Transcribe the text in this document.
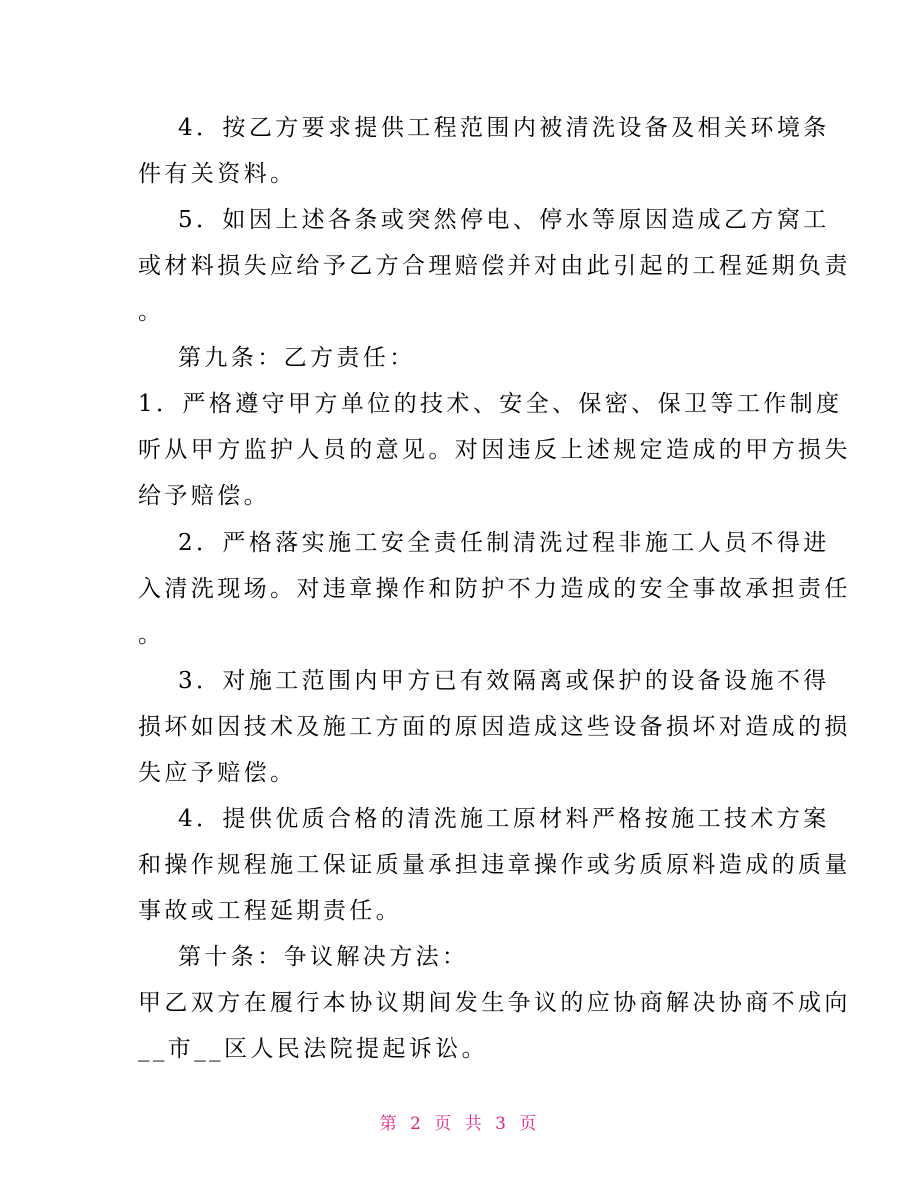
4．按乙方要求提供工程范围内被清洗设备及相关环境条
件有关资料。
5．如因上述各条或突然停电、停水等原因造成乙方窝工
或材料损失应给予乙方合理赔偿并对由此引起的工程延期负责
。
第九条：乙方责任：
1．严格遵守甲方单位的技术、安全、保密、保卫等工作制度
听从甲方监护人员的意见。对因违反上述规定造成的甲方损失
给予赔偿。
2．严格落实施工安全责任制清洗过程非施工人员不得进
入清洗现场。对违章操作和防护不力造成的安全事故承担责任
。
3．对施工范围内甲方已有效隔离或保护的设备设施不得
损坏如因技术及施工方面的原因造成这些设备损坏对造成的损
失应予赔偿。
4．提供优质合格的清洗施工原材料严格按施工技术方案
和操作规程施工保证质量承担违章操作或劣质原料造成的质量
事故或工程延期责任。
第十条：争议解决方法：
甲乙双方在履行本协议期间发生争议的应协商解决协商不成向
__市__区人民法院提起诉讼。
第 2 页 共 3 页
